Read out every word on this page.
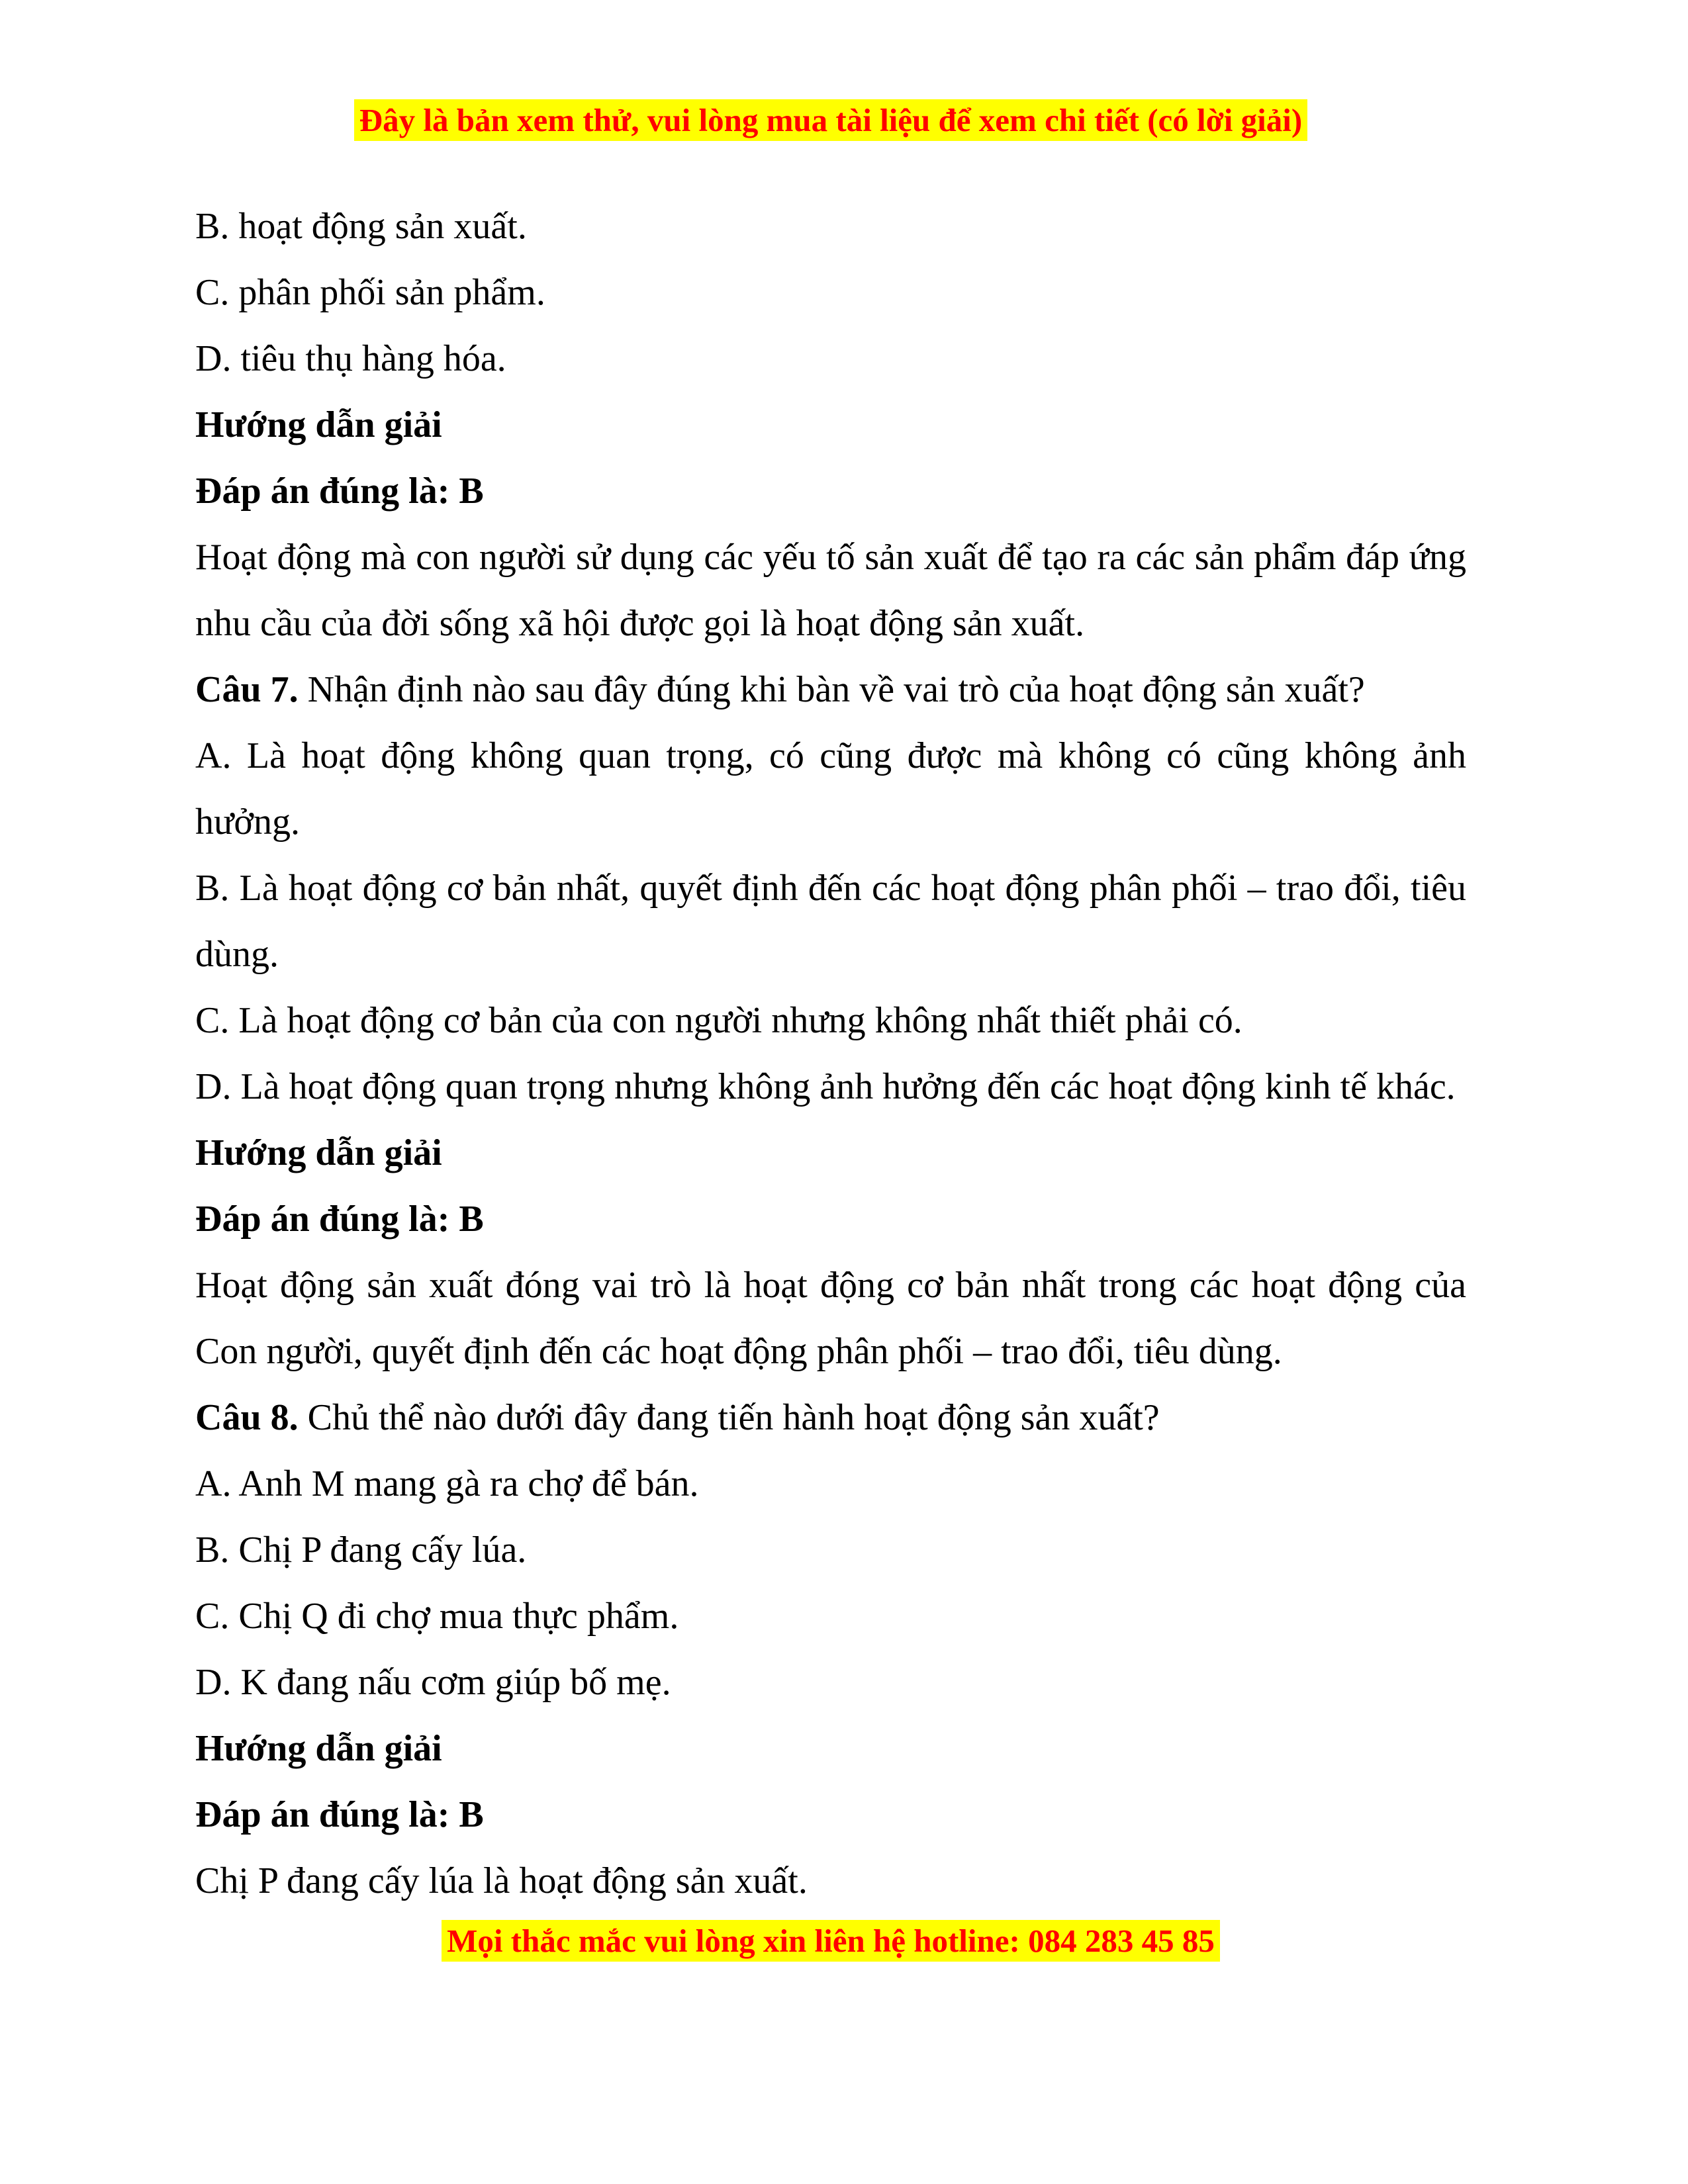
Đây là bản xem thử, vui lòng mua tài liệu để xem chi tiết (có lời giải)

B. hoạt động sản xuất.

C. phân phối sản phẩm.

D. tiêu thụ hàng hóa.

Hướng dẫn giải

Đáp án đúng là: B

Hoạt động mà con người sử dụng các yếu tố sản xuất để tạo ra các sản phẩm đáp ứng nhu cầu của đời sống xã hội được gọi là hoạt động sản xuất.

Câu 7. Nhận định nào sau đây đúng khi bàn về vai trò của hoạt động sản xuất?

A. Là hoạt động không quan trọng, có cũng được mà không có cũng không ảnh hưởng.

B. Là hoạt động cơ bản nhất, quyết định đến các hoạt động phân phối – trao đổi, tiêu dùng.

C. Là hoạt động cơ bản của con người nhưng không nhất thiết phải có.

D. Là hoạt động quan trọng nhưng không ảnh hưởng đến các hoạt động kinh tế khác.

Hướng dẫn giải

Đáp án đúng là: B

Hoạt động sản xuất đóng vai trò là hoạt động cơ bản nhất trong các hoạt động của Con người, quyết định đến các hoạt động phân phối – trao đổi, tiêu dùng.

Câu 8. Chủ thể nào dưới đây đang tiến hành hoạt động sản xuất?

A. Anh M mang gà ra chợ để bán.

B. Chị P đang cấy lúa.

C. Chị Q đi chợ mua thực phẩm.

D. K đang nấu cơm giúp bố mẹ.

Hướng dẫn giải

Đáp án đúng là: B

Chị P đang cấy lúa là hoạt động sản xuất.

Mọi thắc mắc vui lòng xin liên hệ hotline: 084 283 45 85
